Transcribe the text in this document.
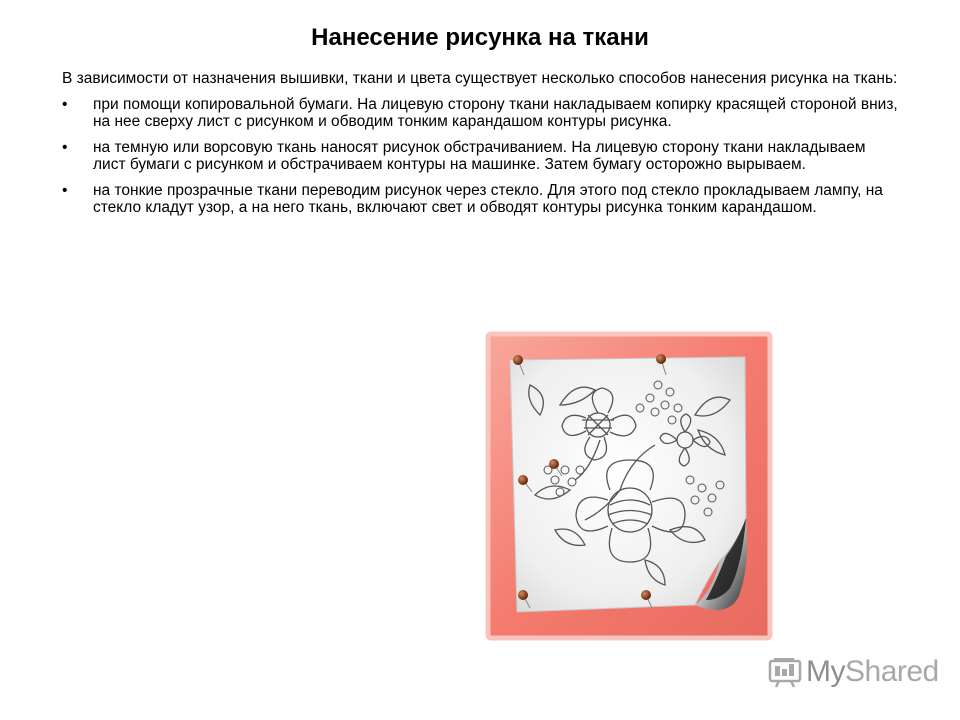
Нанесение рисунка на ткани

В зависимости от назначения вышивки, ткани и цвета существует несколько способов нанесения рисунка на ткань:

• при помощи копировальной бумаги. На лицевую сторону ткани накладываем копирку красящей стороной вниз, на нее сверху лист с рисунком и обводим тонким карандашом контуры рисунка.
• на темную или ворсовую ткань наносят рисунок обстрачиванием. На лицевую сторону ткани накладываем лист бумаги с рисунком и обстрачиваем контуры на машинке. Затем бумагу осторожно вырываем.
• на тонкие прозрачные ткани переводим рисунок через стекло. Для этого под стекло прокладываем лампу, на стекло кладут узор, а на него ткань, включают свет и обводят контуры рисунка тонким карандашом.
MyShared
